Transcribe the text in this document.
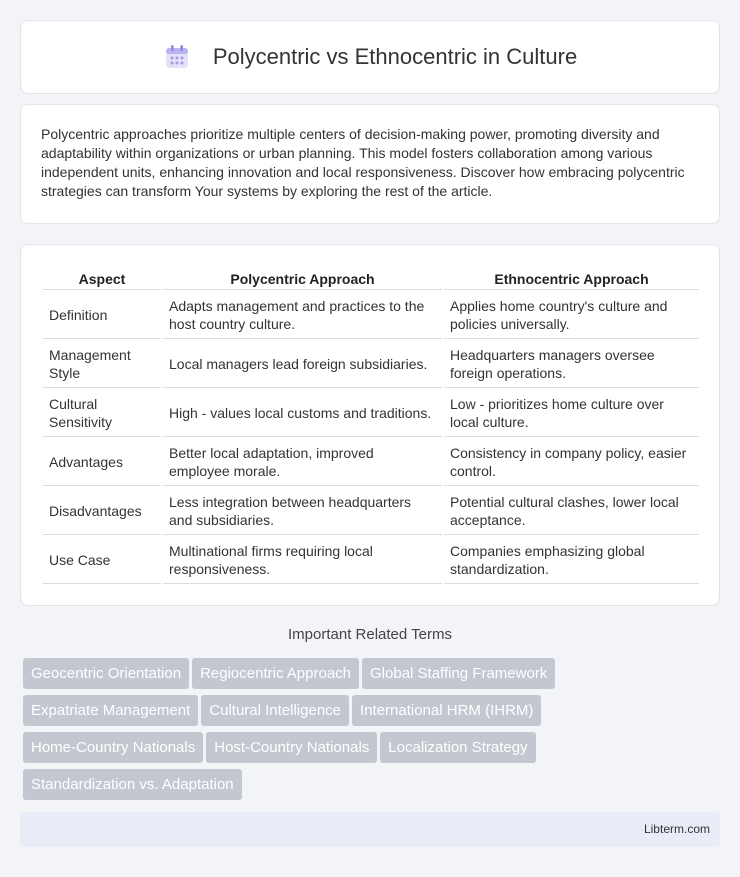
Polycentric vs Ethnocentric in Culture

Polycentric approaches prioritize multiple centers of decision-making power, promoting diversity and adaptability within organizations or urban planning. This model fosters collaboration among various independent units, enhancing innovation and local responsiveness. Discover how embracing polycentric strategies can transform Your systems by exploring the rest of the article.

Aspect	Polycentric Approach	Ethnocentric Approach
Definition	Adapts management and practices to the host country culture.	Applies home country's culture and policies universally.
Management Style	Local managers lead foreign subsidiaries.	Headquarters managers oversee foreign operations.
Cultural Sensitivity	High - values local customs and traditions.	Low - prioritizes home culture over local culture.
Advantages	Better local adaptation, improved employee morale.	Consistency in company policy, easier control.
Disadvantages	Less integration between headquarters and subsidiaries.	Potential cultural clashes, lower local acceptance.
Use Case	Multinational firms requiring local responsiveness.	Companies emphasizing global standardization.
Important Related Terms
Geocentric Orientation Regiocentric Approach Global Staffing Framework
Expatriate Management Cultural Intelligence International HRM (IHRM)
Home-Country Nationals Host-Country Nationals Localization Strategy
Standardization vs. Adaptation
Libterm.com
